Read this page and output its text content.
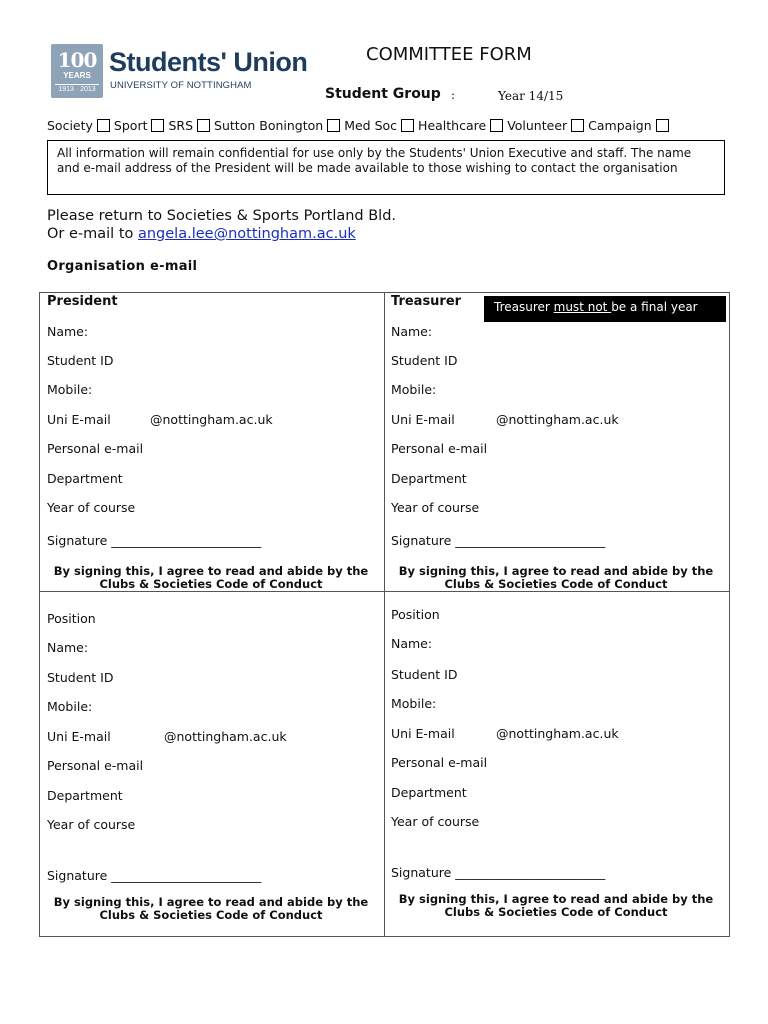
100
YEARS
1913 · 2013
Students' Union
UNIVERSITY OF NOTTINGHAM
COMMITTEE FORM
Student Group :	Year 14/15
Society Sport SRS Sutton Bonington Med Soc Healthcare Volunteer Campaign
All information will remain confidential for use only by the Students' Union Executive and staff. The name and e-mail address of the President will be made available to those wishing to contact the organisation
Please return to Societies & Sports Portland Bld.
Or e-mail to angela.lee@nottingham.ac.uk
Organisation e-mail
President
Name:
Student ID
Mobile:
Uni E-mail	@nottingham.ac.uk
Personal e-mail
Department
Year of course
Signature ________________________
By signing this, I agree to read and abide by the Clubs & Societies Code of Conduct
Treasurer
Name:
Student ID
Mobile:
Uni E-mail	@nottingham.ac.uk
Personal e-mail
Department
Year of course
Signature ________________________
By signing this, I agree to read and abide by the Clubs & Societies Code of Conduct
Treasurer must not be a final year
Position
Name:
Student ID
Mobile:
Uni E-mail	@nottingham.ac.uk
Personal e-mail
Department
Year of course
Signature ________________________
By signing this, I agree to read and abide by the Clubs & Societies Code of Conduct
Position
Name:
Student ID
Mobile:
Uni E-mail	@nottingham.ac.uk
Personal e-mail
Department
Year of course
Signature ________________________
By signing this, I agree to read and abide by the Clubs & Societies Code of Conduct
